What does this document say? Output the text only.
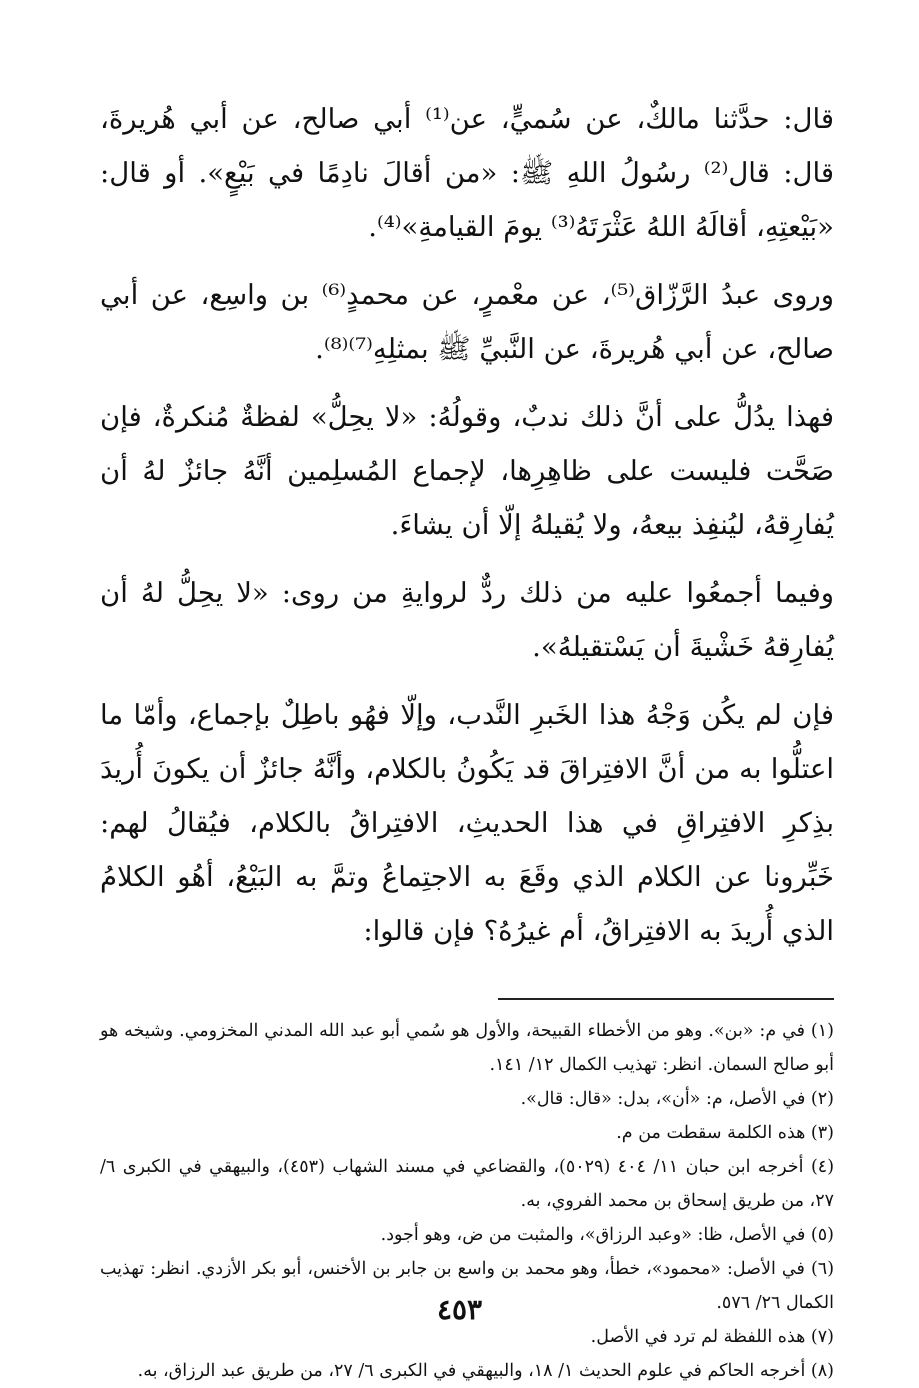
قال: حدَّثنا مالكٌ، عن سُميٍّ، عن⁽¹⁾ أبي صالح، عن أبي هُريرةَ، قال: قال⁽²⁾ رسُولُ اللهِ ﷺ: «من أقالَ نادِمًا في بَيْعٍ». أو قال: «بَيْعتِهِ، أقالَهُ اللهُ عَثْرَتَهُ⁽³⁾ يومَ القيامةِ»⁽⁴⁾.

وروى عبدُ الرَّزّاق⁽⁵⁾، عن معْمرٍ، عن محمدٍ⁽⁶⁾ بن واسِع، عن أبي صالح، عن أبي هُريرةَ، عن النَّبيِّ ﷺ بمثلِهِ⁽⁷⁾⁽⁸⁾.

فهذا يدُلُّ على أنَّ ذلك ندبٌ، وقولُهُ: «لا يحِلُّ» لفظةٌ مُنكرةٌ، فإن صَحَّت فليست على ظاهِرِها، لإجماع المُسلِمين أنَّهُ جائزٌ لهُ أن يُفارِقهُ، ليُنفِذ بيعهُ، ولا يُقيلهُ إلّا أن يشاءَ.

وفيما أجمعُوا عليه من ذلك ردٌّ لروايةِ من روى: «لا يحِلُّ لهُ أن يُفارِقهُ خَشْيةَ أن يَسْتقيلهُ».

فإن لم يكُن وَجْهُ هذا الخَبرِ النَّدب، وإلّا فهُو باطِلٌ بإجماع، وأمّا ما اعتلُّوا به من أنَّ الافتِراقَ قد يَكُونُ بالكلام، وأنَّهُ جائزٌ أن يكونَ أُريدَ بذِكرِ الافتِراقِ في هذا الحديثِ، الافتِراقُ بالكلام، فيُقالُ لهم: خَبِّرونا عن الكلام الذي وقَعَ به الاجتِماعُ وتمَّ به البَيْعُ، أهُو الكلامُ الذي أُريدَ به الافتِراقُ، أم غيرُهُ؟ فإن قالوا:

(١) في م: «بن». وهو من الأخطاء القبيحة، والأول هو سُمي أبو عبد الله المدني المخزومي. وشيخه هو أبو صالح السمان. انظر: تهذيب الكمال ١٢/ ١٤١.

(٢) في الأصل، م: «أن»، بدل: «قال: قال».

(٣) هذه الكلمة سقطت من م.

(٤) أخرجه ابن حبان ١١/ ٤٠٤ (٥٠٢٩)، والقضاعي في مسند الشهاب (٤٥٣)، والبيهقي في الكبرى ٦/ ٢٧، من طريق إسحاق بن محمد الفروي، به.

(٥) في الأصل، ظا: «وعبد الرزاق»، والمثبت من ض، وهو أجود.

(٦) في الأصل: «محمود»، خطأ، وهو محمد بن واسع بن جابر بن الأخنس، أبو بكر الأزدي. انظر: تهذيب الكمال ٢٦/ ٥٧٦.

(٧) هذه اللفظة لم ترد في الأصل.

(٨) أخرجه الحاكم في علوم الحديث ١/ ١٨، والبيهقي في الكبرى ٦/ ٢٧، من طريق عبد الرزاق، به.

٤٥٣
